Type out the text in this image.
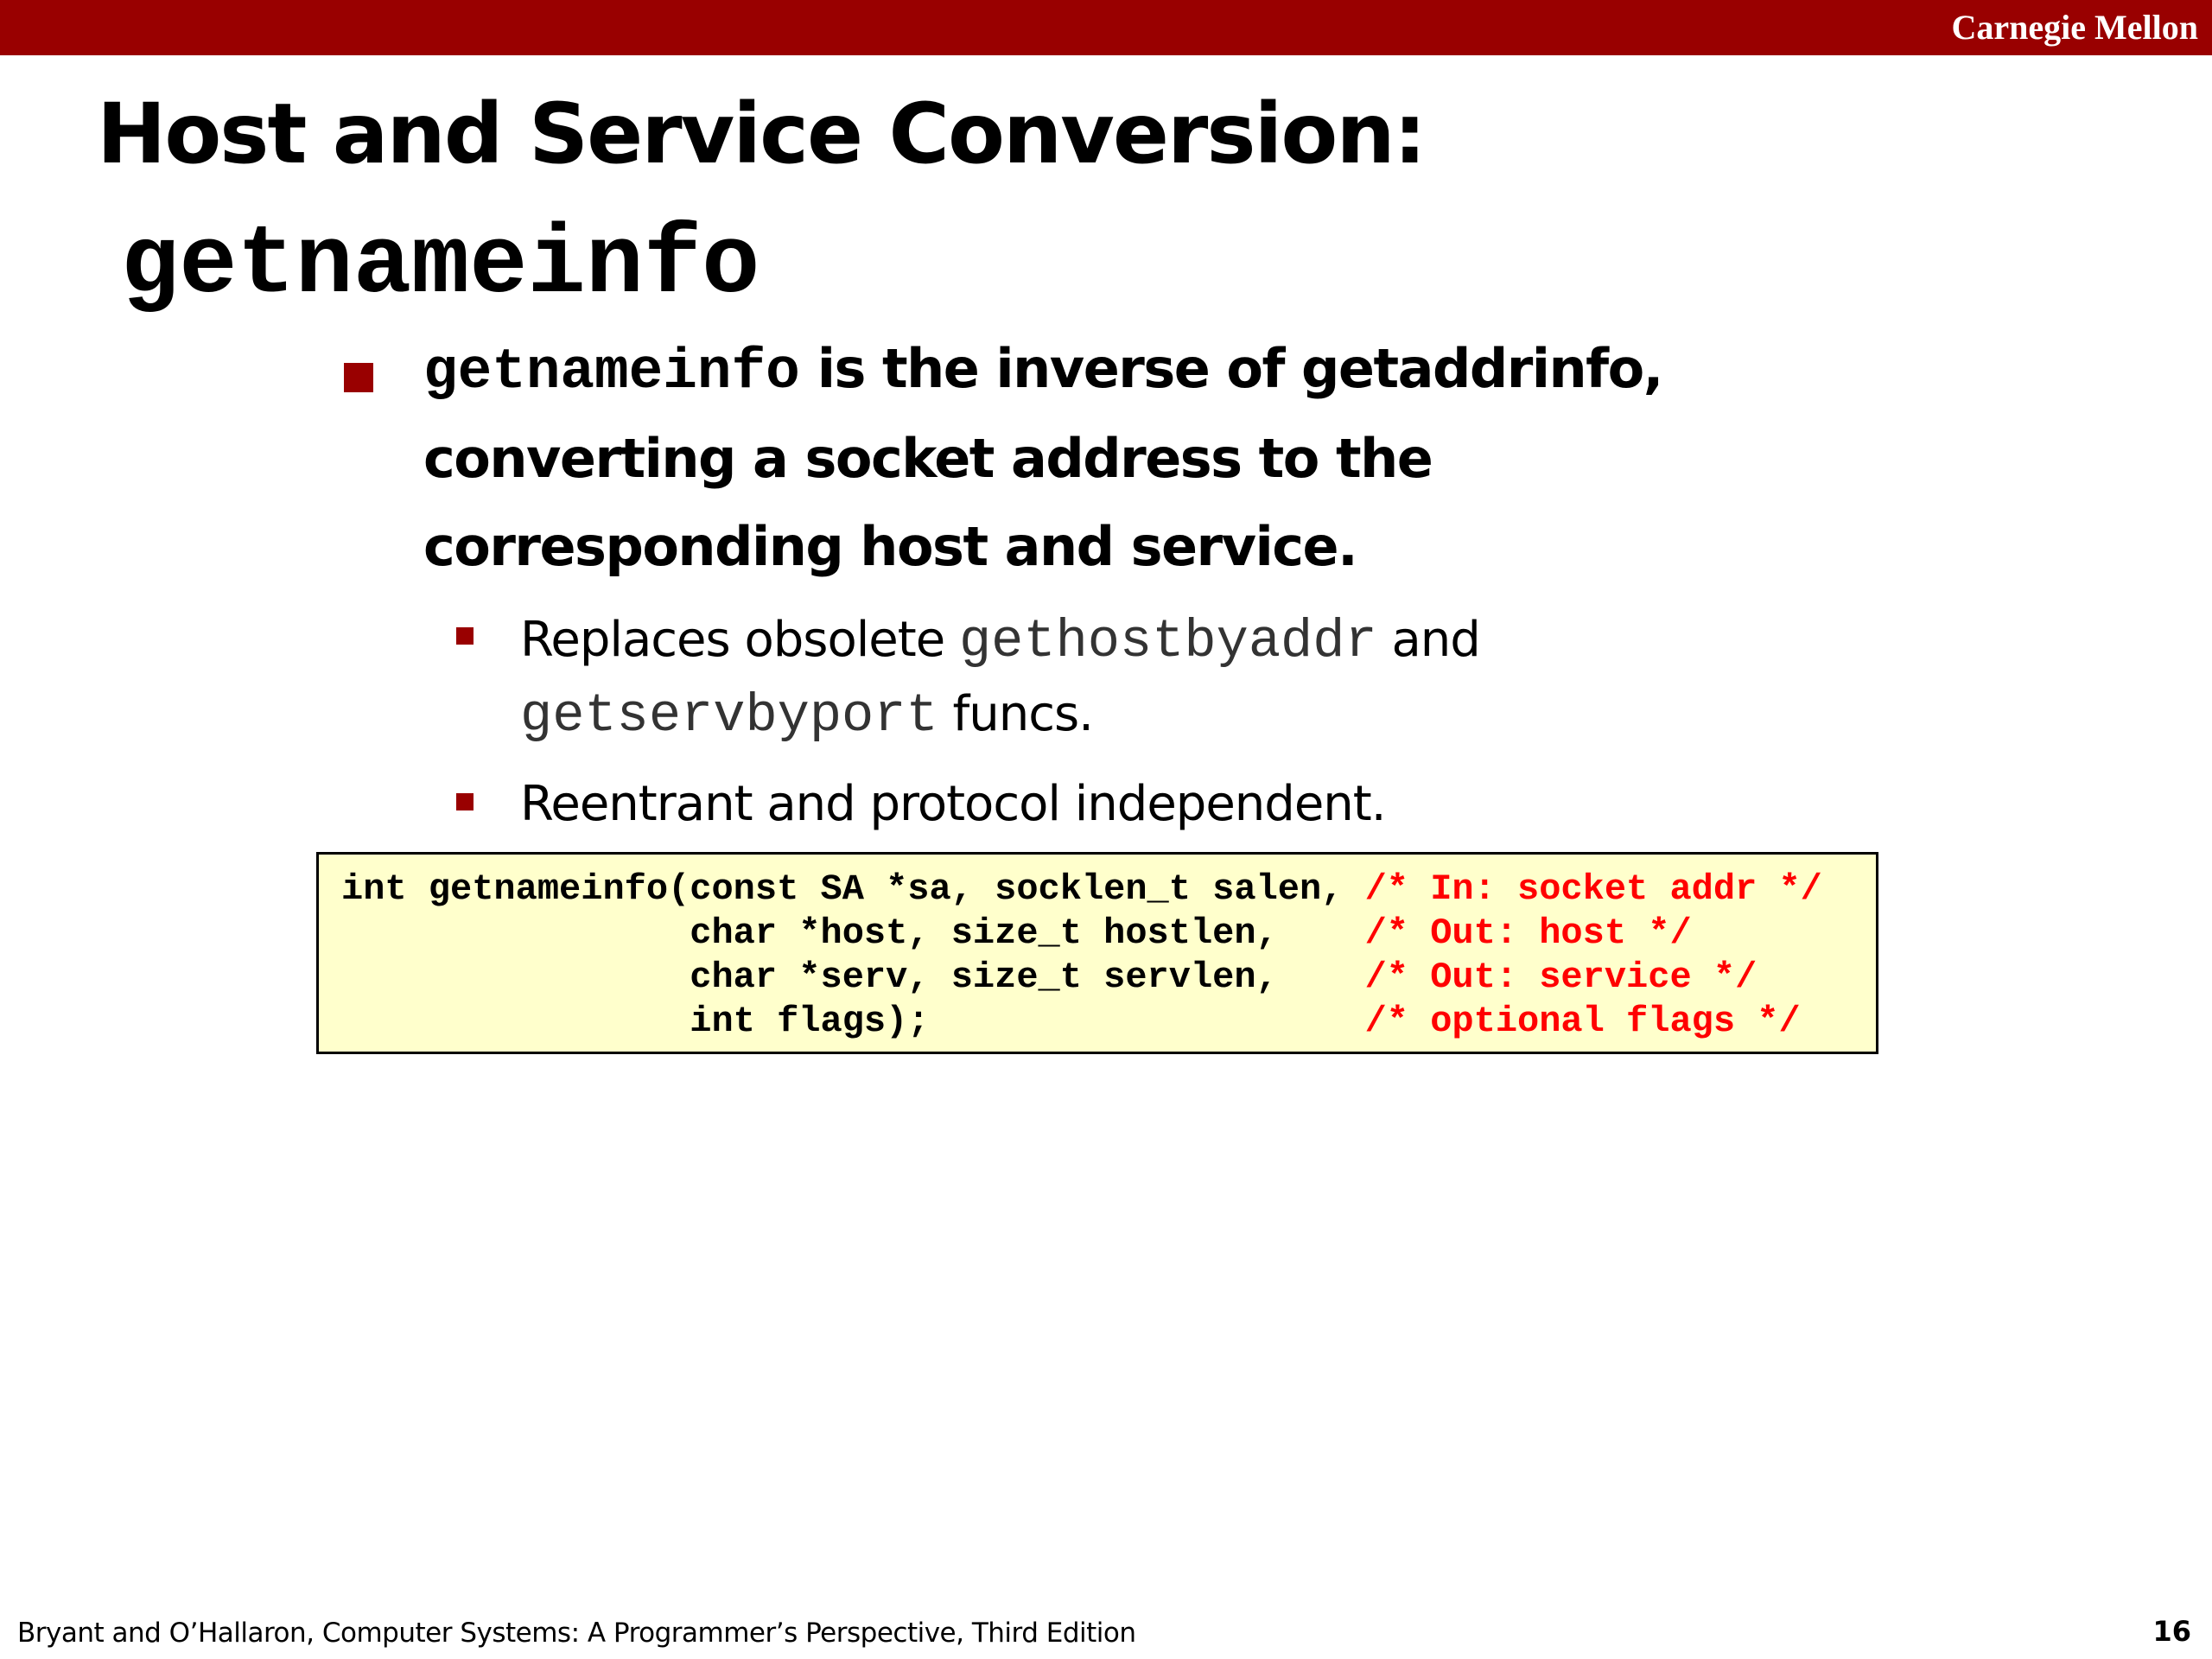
Carnegie Mellon
Host and Service Conversion:
getnameinfo
getnameinfo is the inverse of getaddrinfo,
converting a socket address to the
corresponding host and service.
Replaces obsolete gethostbyaddr and
getservbyport funcs.
Reentrant and protocol independent.
int getnameinfo(const SA *sa, socklen_t salen, /* In: socket addr */
char *host, size_t hostlen,    /* Out: host */
char *serv, size_t servlen,    /* Out: service */
int flags);                    /* optional flags */
Bryant and O’Hallaron, Computer Systems: A Programmer’s Perspective, Third Edition	16
